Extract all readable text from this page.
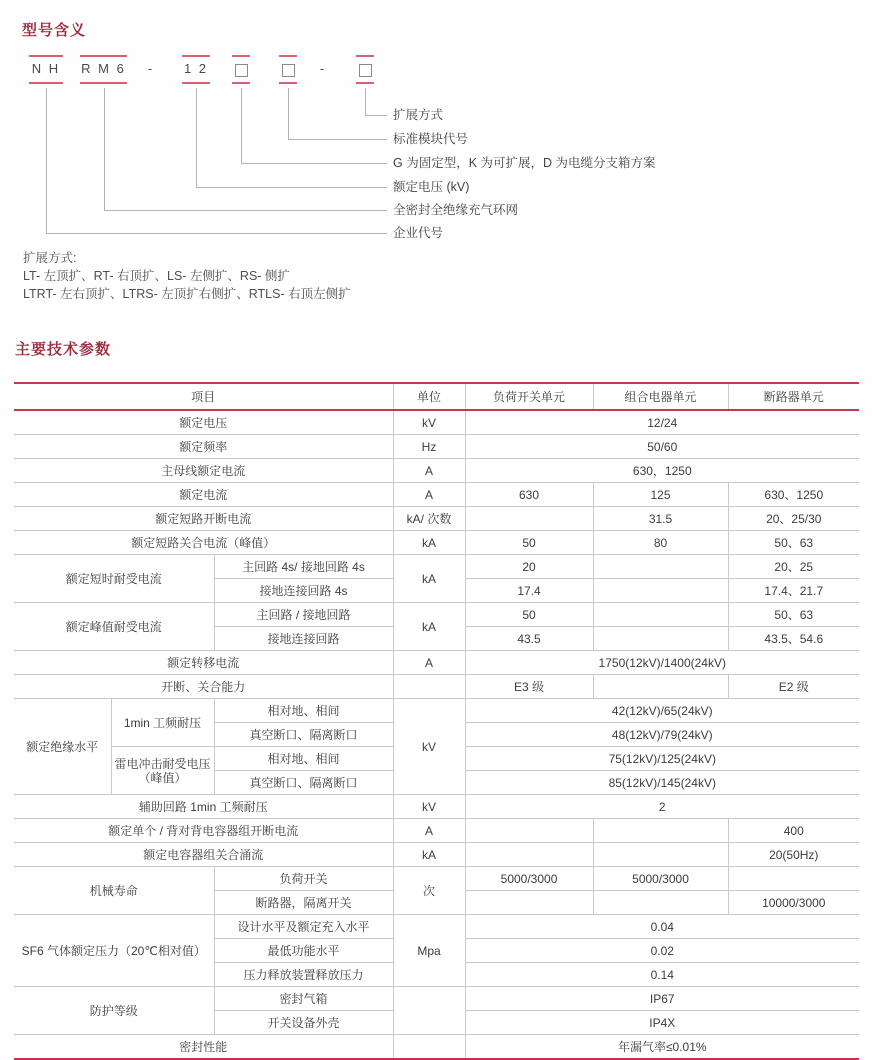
型号含义
N H R M 6 - 1 2	-
扩展方式
标准模块代号
G 为固定型，K 为可扩展，D 为电缆分支箱方案
额定电压 (kV)
全密封全绝缘充气环网
企业代号
扩展方式:
LT- 左顶扩、RT- 右顶扩、LS- 左侧扩、RS- 侧扩
LTRT- 左右顶扩、LTRS- 左顶扩右侧扩、RTLS- 右顶左侧扩
主要技术参数
项目			单位	负荷开关单元	组合电器单元	断路器单元
额定电压			kV	12/24		
额定频率			Hz	50/60		
主母线额定电流			A	630，1250		
额定电流			A	630	125	630、1250
额定短路开断电流			kA/ 次数		31.5	20、25/30
额定短路关合电流（峰值）			kA	50	80	50、63
额定短时耐受电流		主回路 4s/ 接地回路 4s	kA	20		20、25
		接地连接回路 4s		17.4		17.4、21.7
额定峰值耐受电流		主回路 / 接地回路	kA	50		50、63
		接地连接回路		43.5		43.5、54.6
额定转移电流			A	1750(12kV)/1400(24kV)		
开断、关合能力				E3 级		E2 级
额定绝缘水平	1min 工频耐压	相对地、相间	kV	42(12kV)/65(24kV)		
		真空断口、隔离断口		48(12kV)/79(24kV)		
	雷电冲击耐受电压（峰值）	相对地、相间		75(12kV)/125(24kV)		
		真空断口、隔离断口		85(12kV)/145(24kV)		
辅助回路 1min 工频耐压			kV	2		
额定单个 / 背对背电容器组开断电流			A			400
额定电容器组关合涌流			kA			20(50Hz)
机械寿命		负荷开关	次	5000/3000	5000/3000	
		断路器，隔离开关				10000/3000
SF6 气体额定压力（20℃相对值）		设计水平及额定充入水平	Mpa	0.04		
		最低功能水平		0.02		
		压力释放装置释放压力		0.14		
防护等级		密封气箱		IP67		
		开关设备外壳		IP4X		
密封性能				年漏气率≤0.01%		
